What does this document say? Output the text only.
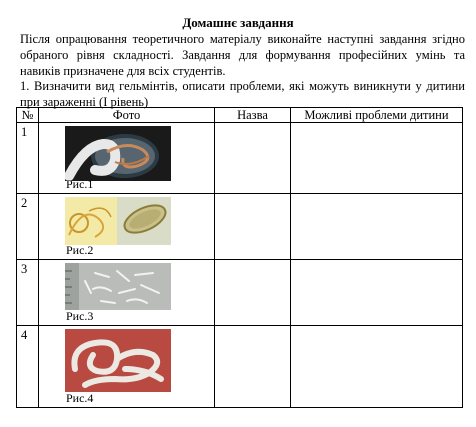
Домашнє завдання
Після опрацювання теоретичного матеріалу виконайте наступні завдання згідно обраного рівня складності. Завдання для формування професійних умінь та навиків призначене для всіх студентів.
1. Визначити вид гельмінтів, описати проблеми, які можуть виникнути у дитини при зараженні (I рівень)
№	Фото	Назва	Можливі проблеми дитини

1	Рис.1		

2	Рис.2		

3	Рис.3		

4	Рис.4		
